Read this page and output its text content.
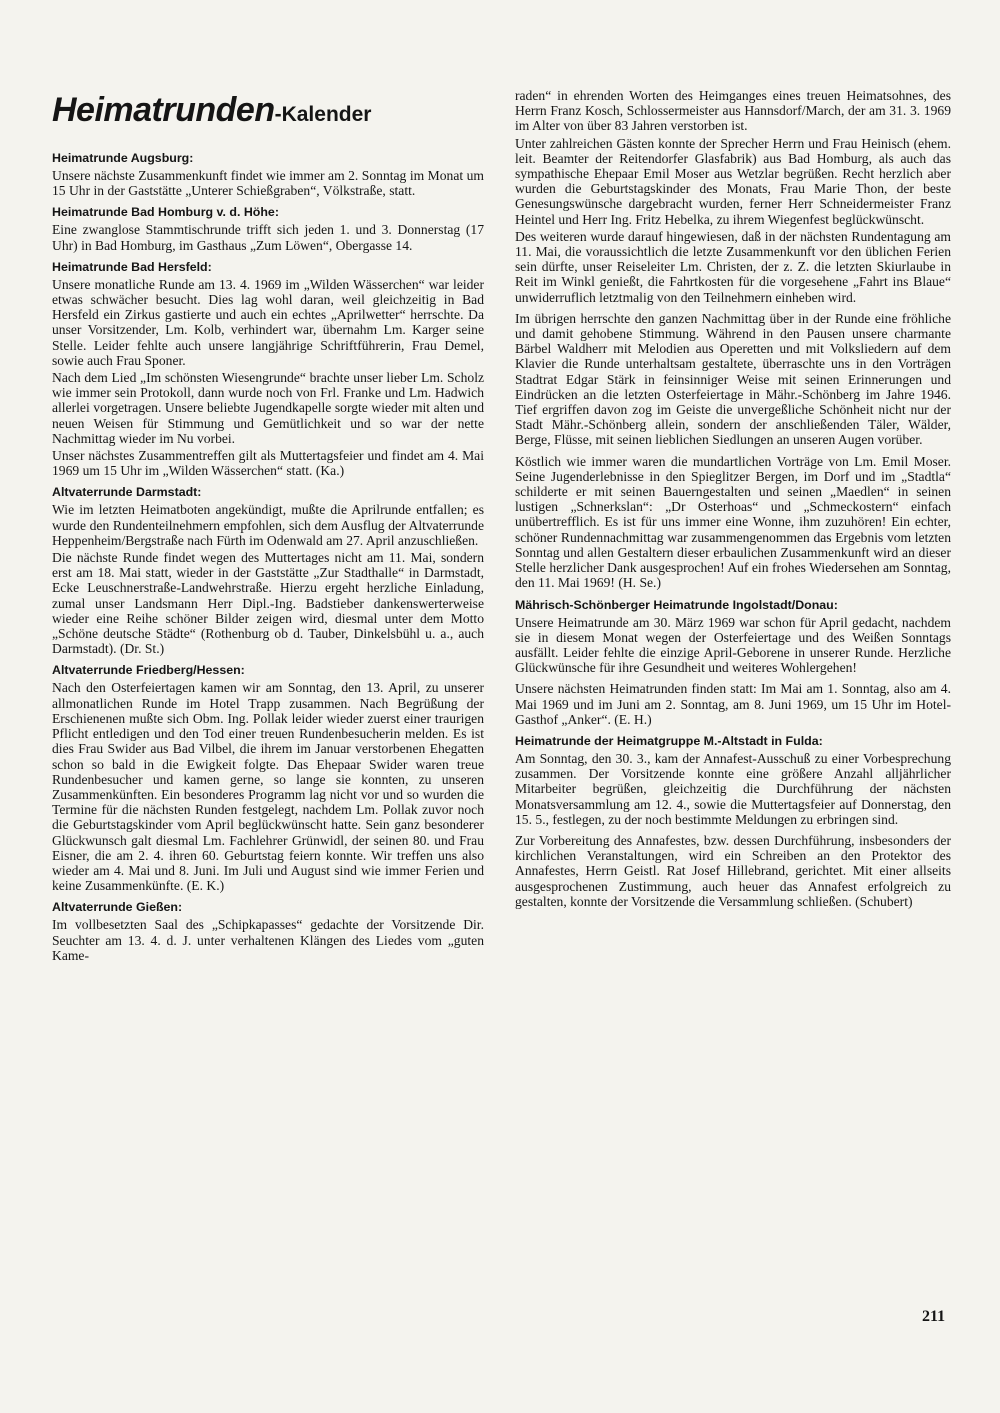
Heimatrunden-Kalender
Heimatrunde Augsburg:

Unsere nächste Zusammenkunft findet wie immer am 2. Sonntag im Monat um 15 Uhr in der Gaststätte „Unterer Schießgraben“, Völkstraße, statt.

Heimatrunde Bad Homburg v. d. Höhe:

Eine zwanglose Stammtischrunde trifft sich jeden 1. und 3. Donnerstag (17 Uhr) in Bad Homburg, im Gasthaus „Zum Löwen“, Obergasse 14.

Heimatrunde Bad Hersfeld:

Unsere monatliche Runde am 13. 4. 1969 im „Wilden Wässerchen“ war leider etwas schwächer besucht. Dies lag wohl daran, weil gleichzeitig in Bad Hersfeld ein Zirkus gastierte und auch ein echtes „Aprilwetter“ herrschte. Da unser Vorsitzender, Lm. Kolb, verhindert war, übernahm Lm. Karger seine Stelle. Leider fehlte auch unsere langjährige Schriftführerin, Frau Demel, sowie auch Frau Sponer.

Nach dem Lied „Im schönsten Wiesengrunde“ brachte unser lieber Lm. Scholz wie immer sein Protokoll, dann wurde noch von Frl. Franke und Lm. Hadwich allerlei vorgetragen. Unsere beliebte Jugendkapelle sorgte wieder mit alten und neuen Weisen für Stimmung und Gemütlichkeit und so war der nette Nachmittag wieder im Nu vorbei.

Unser nächstes Zusammentreffen gilt als Muttertagsfeier und findet am 4. Mai 1969 um 15 Uhr im „Wilden Wässerchen“ statt. (Ka.)

Altvaterrunde Darmstadt:

Wie im letzten Heimatboten angekündigt, mußte die Aprilrunde entfallen; es wurde den Rundenteilnehmern empfohlen, sich dem Ausflug der Altvaterrunde Heppenheim/Bergstraße nach Fürth im Odenwald am 27. April anzuschließen.

Die nächste Runde findet wegen des Muttertages nicht am 11. Mai, sondern erst am 18. Mai statt, wieder in der Gaststätte „Zur Stadthalle“ in Darmstadt, Ecke Leuschnerstraße-Landwehrstraße. Hierzu ergeht herzliche Einladung, zumal unser Landsmann Herr Dipl.-Ing. Badstieber dankenswerterweise wieder eine Reihe schöner Bilder zeigen wird, diesmal unter dem Motto „Schöne deutsche Städte“ (Rothenburg ob d. Tauber, Dinkelsbühl u. a., auch Darmstadt). (Dr. St.)

Altvaterrunde Friedberg/Hessen:

Nach den Osterfeiertagen kamen wir am Sonntag, den 13. April, zu unserer allmonatlichen Runde im Hotel Trapp zusammen. Nach Begrüßung der Erschienenen mußte sich Obm. Ing. Pollak leider wieder zuerst einer traurigen Pflicht entledigen und den Tod einer treuen Rundenbesucherin melden. Es ist dies Frau Swider aus Bad Vilbel, die ihrem im Januar verstorbenen Ehegatten schon so bald in die Ewigkeit folgte. Das Ehepaar Swider waren treue Rundenbesucher und kamen gerne, so lange sie konnten, zu unseren Zusammenkünften. Ein besonderes Programm lag nicht vor und so wurden die Termine für die nächsten Runden festgelegt, nachdem Lm. Pollak zuvor noch die Geburtstagskinder vom April beglückwünscht hatte. Sein ganz besonderer Glückwunsch galt diesmal Lm. Fachlehrer Grünwidl, der seinen 80. und Frau Eisner, die am 2. 4. ihren 60. Geburtstag feiern konnte. Wir treffen uns also wieder am 4. Mai und 8. Juni. Im Juli und August sind wie immer Ferien und keine Zusammenkünfte. (E. K.)

Altvaterrunde Gießen:

Im vollbesetzten Saal des „Schipkapasses“ gedachte der Vorsitzende Dir. Seuchter am 13. 4. d. J. unter verhaltenen Klängen des Liedes vom „guten Kame-

raden“ in ehrenden Worten des Heimganges eines treuen Heimatsohnes, des Herrn Franz Kosch, Schlossermeister aus Hannsdorf/March, der am 31. 3. 1969 im Alter von über 83 Jahren verstorben ist.

Unter zahlreichen Gästen konnte der Sprecher Herrn und Frau Heinisch (ehem. leit. Beamter der Reitendorfer Glasfabrik) aus Bad Homburg, als auch das sympathische Ehepaar Emil Moser aus Wetzlar begrüßen. Recht herzlich aber wurden die Geburtstagskinder des Monats, Frau Marie Thon, der beste Genesungswünsche dargebracht wurden, ferner Herr Schneidermeister Franz Heintel und Herr Ing. Fritz Hebelka, zu ihrem Wiegenfest beglückwünscht.

Des weiteren wurde darauf hingewiesen, daß in der nächsten Rundentagung am 11. Mai, die voraussichtlich die letzte Zusammenkunft vor den üblichen Ferien sein dürfte, unser Reiseleiter Lm. Christen, der z. Z. die letzten Skiurlaube in Reit im Winkl genießt, die Fahrtkosten für die vorgesehene „Fahrt ins Blaue“ unwiderruflich letztmalig von den Teilnehmern einheben wird.

Im übrigen herrschte den ganzen Nachmittag über in der Runde eine fröhliche und damit gehobene Stimmung. Während in den Pausen unsere charmante Bärbel Waldherr mit Melodien aus Operetten und mit Volksliedern auf dem Klavier die Runde unterhaltsam gestaltete, überraschte uns in den Vorträgen Stadtrat Edgar Stärk in feinsinniger Weise mit seinen Erinnerungen und Eindrücken an die letzten Osterfeiertage in Mähr.-Schönberg im Jahre 1946. Tief ergriffen davon zog im Geiste die unvergeßliche Schönheit nicht nur der Stadt Mähr.-Schönberg allein, sondern der anschließenden Täler, Wälder, Berge, Flüsse, mit seinen lieblichen Siedlungen an unseren Augen vorüber.

Köstlich wie immer waren die mundartlichen Vorträge von Lm. Emil Moser. Seine Jugenderlebnisse in den Spieglitzer Bergen, im Dorf und im „Stadtla“ schilderte er mit seinen Bauerngestalten und seinen „Maedlen“ in seinen lustigen „Schnerkslan“: „Dr Osterhoas“ und „Schmeckostern“ einfach unübertrefflich. Es ist für uns immer eine Wonne, ihm zuzuhören! Ein echter, schöner Rundennachmittag war zusammengenommen das Ergebnis vom letzten Sonntag und allen Gestaltern dieser erbaulichen Zusammenkunft wird an dieser Stelle herzlicher Dank ausgesprochen! Auf ein frohes Wiedersehen am Sonntag, den 11. Mai 1969! (H. Se.)

Mährisch-Schönberger Heimatrunde Ingolstadt/Donau:

Unsere Heimatrunde am 30. März 1969 war schon für April gedacht, nachdem sie in diesem Monat wegen der Osterfeiertage und des Weißen Sonntags ausfällt. Leider fehlte die einzige April-Geborene in unserer Runde. Herzliche Glückwünsche für ihre Gesundheit und weiteres Wohlergehen!

Unsere nächsten Heimatrunden finden statt: Im Mai am 1. Sonntag, also am 4. Mai 1969 und im Juni am 2. Sonntag, am 8. Juni 1969, um 15 Uhr im Hotel-Gasthof „Anker“. (E. H.)

Heimatrunde der Heimatgruppe M.-Altstadt in Fulda:

Am Sonntag, den 30. 3., kam der Annafest-Ausschuß zu einer Vorbesprechung zusammen. Der Vorsitzende konnte eine größere Anzahl alljährlicher Mitarbeiter begrüßen, gleichzeitig die Durchführung der nächsten Monatsversammlung am 12. 4., sowie die Muttertagsfeier auf Donnerstag, den 15. 5., festlegen, zu der noch bestimmte Meldungen zu erbringen sind.

Zur Vorbereitung des Annafestes, bzw. dessen Durchführung, insbesonders der kirchlichen Veranstaltungen, wird ein Schreiben an den Protektor des Annafestes, Herrn Geistl. Rat Josef Hillebrand, gerichtet. Mit einer allseits ausgesprochenen Zustimmung, auch heuer das Annafest erfolgreich zu gestalten, konnte der Vorsitzende die Versammlung schließen. (Schubert)

211
